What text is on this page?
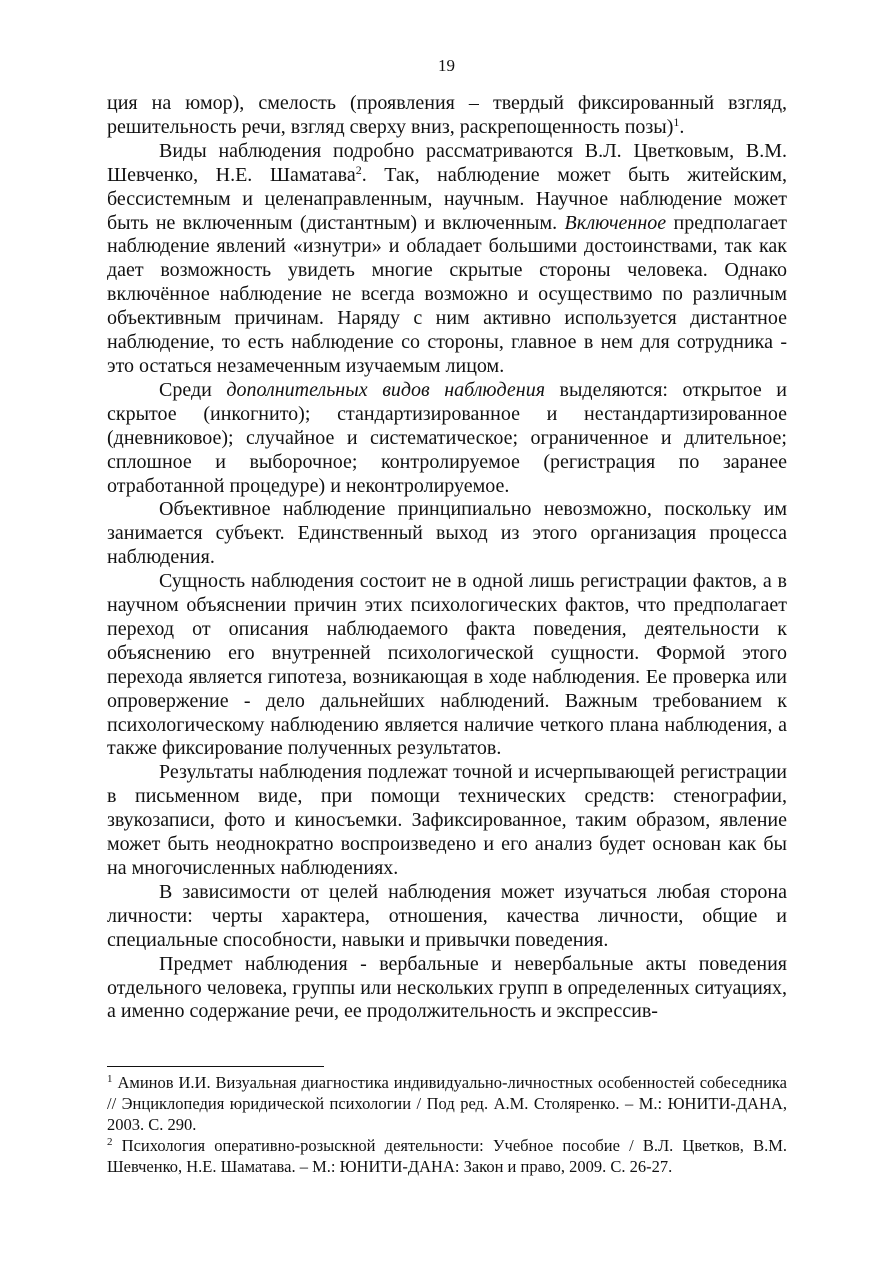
19

ция на юмор), смелость (проявления – твердый фиксированный взгляд, решительность речи, взгляд сверху вниз, раскрепощенность позы)$^1$.

Виды наблюдения подробно рассматриваются В.Л. Цветковым, В.М. Шевченко, Н.Е. Шаматава$^2$. Так, наблюдение может быть житейским, бессистемным и целенаправленным, научным. Научное наблюдение может быть не включенным (дистантным) и включенным. Включенное предполагает наблюдение явлений «изнутри» и обладает большими достоинствами, так как дает возможность увидеть многие скрытые стороны человека. Однако включённое наблюдение не всегда возможно и осуществимо по различным объективным причинам. Наряду с ним активно используется дистантное наблюдение, то есть наблюдение со стороны, главное в нем для сотрудника - это остаться незамеченным изучаемым лицом.

Среди дополнительных видов наблюдения выделяются: открытое и скрытое (инкогнито); стандартизированное и нестандартизированное (дневниковое); случайное и систематическое; ограниченное и длительное; сплошное и выборочное; контролируемое (регистрация по заранее отработанной процедуре) и неконтролируемое.

Объективное наблюдение принципиально невозможно, поскольку им занимается субъект. Единственный выход из этого организация процесса наблюдения.

Сущность наблюдения состоит не в одной лишь регистрации фактов, а в научном объяснении причин этих психологических фактов, что предполагает переход от описания наблюдаемого факта поведения, деятельности к объяснению его внутренней психологической сущности. Формой этого перехода является гипотеза, возникающая в ходе наблюдения. Ее проверка или опровержение - дело дальнейших наблюдений. Важным требованием к психологическому наблюдению является наличие четкого плана наблюдения, а также фиксирование полученных результатов.

Результаты наблюдения подлежат точной и исчерпывающей регистрации в письменном виде, при помощи технических средств: стенографии, звукозаписи, фото и киносъемки. Зафиксированное, таким образом, явление может быть неоднократно воспроизведено и его анализ будет основан как бы на многочисленных наблюдениях.

В зависимости от целей наблюдения может изучаться любая сторона личности: черты характера, отношения, качества личности, общие и специальные способности, навыки и привычки поведения.

Предмет наблюдения - вербальные и невербальные акты поведения отдельного человека, группы или нескольких групп в определенных ситуациях, а именно содержание речи, ее продолжительность и экспрессив-

$^1$ Аминов И.И. Визуальная диагностика индивидуально-личностных особенностей собеседника // Энциклопедия юридической психологии / Под ред. А.М. Столяренко. – М.: ЮНИТИ-ДАНА, 2003. С. 290.

$^2$ Психология оперативно-розыскной деятельности: Учебное пособие / В.Л. Цветков, В.М. Шевченко, Н.Е. Шаматава. – М.: ЮНИТИ-ДАНА: Закон и право, 2009. С. 26-27.
